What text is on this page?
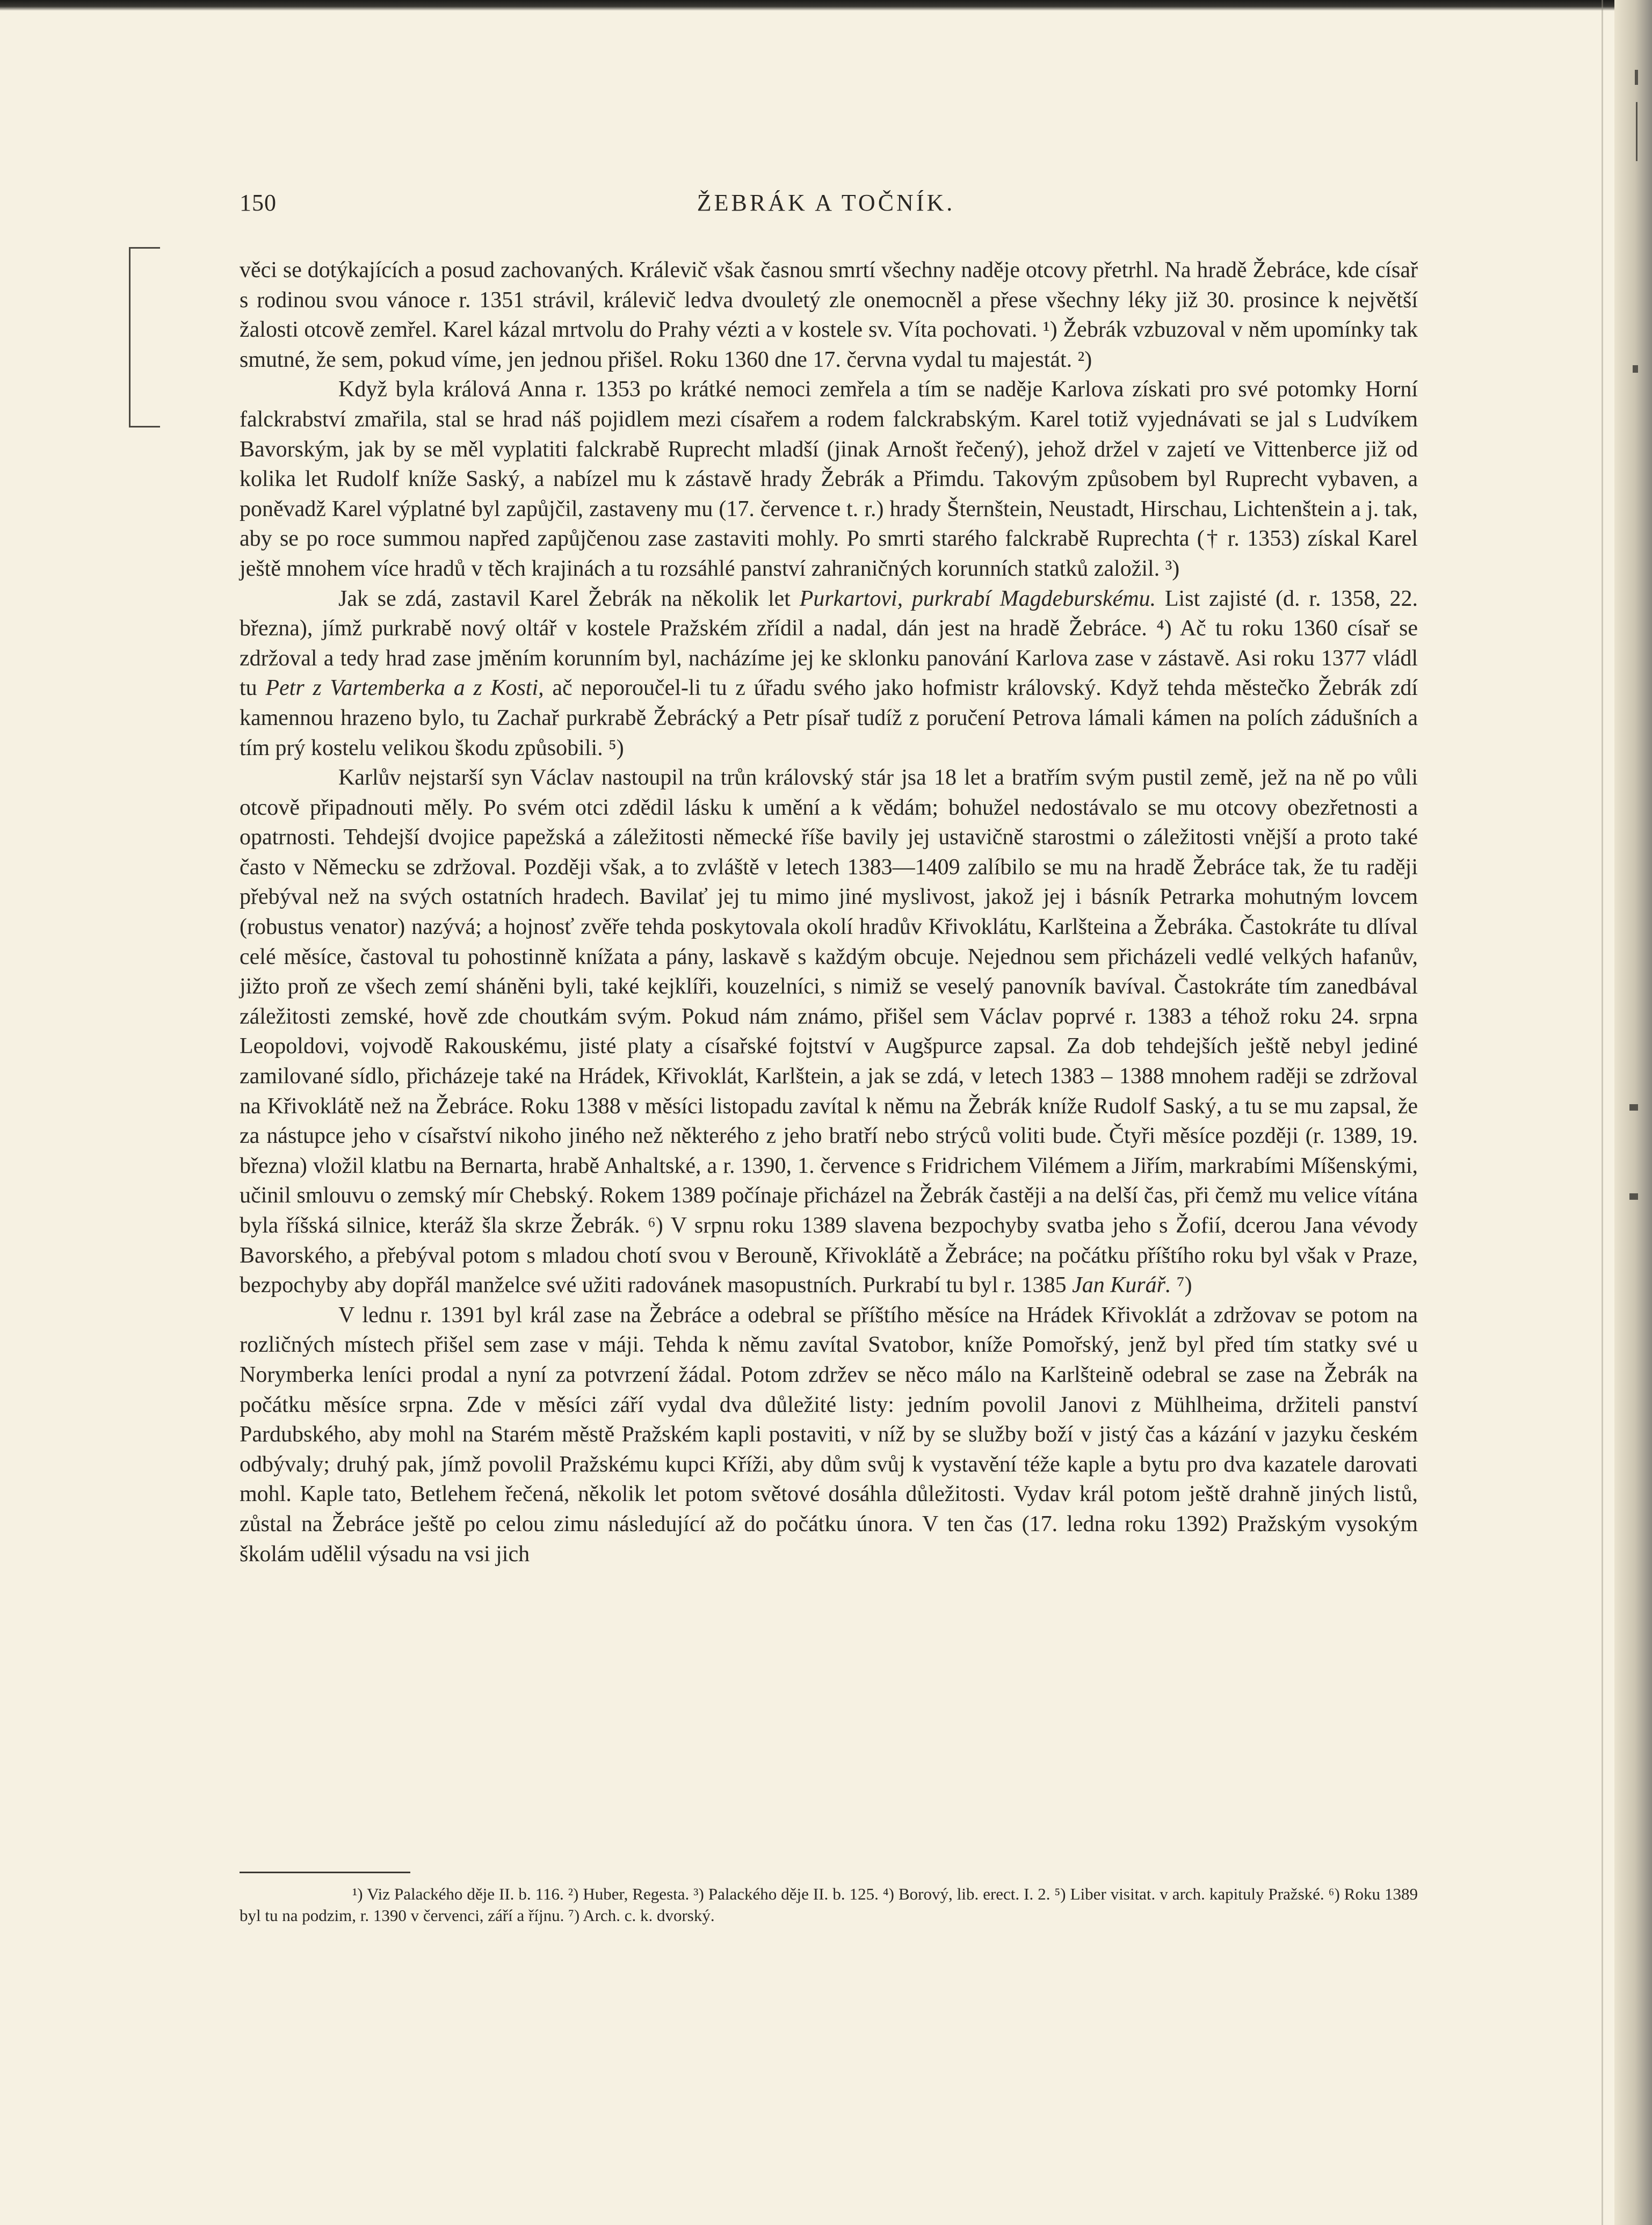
—
150	ŽEBRÁK A TOČNÍK.

věci se dotýkajících a posud zachovaných. Králevič však časnou smrtí všechny naděje otcovy přetrhl. Na hradě Žebráce, kde císař s rodinou svou vánoce r. 1351 strávil, králevič ledva dvouletý zle onemocněl a přese všechny léky již 30. prosince k největší žalosti otcově zemřel. Karel kázal mrtvolu do Prahy vézti a v kostele sv. Víta pochovati. ¹) Žebrák vzbuzoval v něm upomínky tak smutné, že sem, pokud víme, jen jednou přišel. Roku 1360 dne 17. června vydal tu majestát. ²)

Když byla králová Anna r. 1353 po krátké nemoci zemřela a tím se naděje Karlova získati pro své potomky Horní falckrabství zmařila, stal se hrad náš pojidlem mezi císařem a rodem falckrabským. Karel totiž vyjednávati se jal s Ludvíkem Bavorským, jak by se měl vyplatiti falckrabě Ruprecht mladší (jinak Arnošt řečený), jehož držel v zajetí ve Vittenberce již od kolika let Rudolf kníže Saský, a nabízel mu k zástavě hrady Žebrák a Přimdu. Takovým způsobem byl Ruprecht vybaven, a poněvadž Karel výplatné byl zapůjčil, zastaveny mu (17. července t. r.) hrady Šternštein, Neustadt, Hirschau, Lichtenštein a j. tak, aby se po roce summou napřed zapůjčenou zase zastaviti mohly. Po smrti starého falckrabě Ruprechta († r. 1353) získal Karel ještě mnohem více hradů v těch krajinách a tu rozsáhlé panství zahraničných korunních statků založil. ³)

Jak se zdá, zastavil Karel Žebrák na několik let Purkartovi, purkrabí Magdeburskému. List zajisté (d. r. 1358, 22. března), jímž purkrabě nový oltář v kostele Pražském zřídil a nadal, dán jest na hradě Žebráce. ⁴) Ač tu roku 1360 císař se zdržoval a tedy hrad zase jměním korunním byl, nacházíme jej ke sklonku panování Karlova zase v zástavě. Asi roku 1377 vládl tu Petr z Vartemberka a z Kosti, ač neporoučel-li tu z úřadu svého jako hofmistr královský. Když tehda městečko Žebrák zdí kamennou hrazeno bylo, tu Zachař purkrabě Žebrácký a Petr písař tudíž z poručení Petrova lámali kámen na polích zádušních a tím prý kostelu velikou škodu způsobili. ⁵)

Karlův nejstarší syn Václav nastoupil na trůn královský stár jsa 18 let a bratřím svým pustil země, jež na ně po vůli otcově připadnouti měly. Po svém otci zdědil lásku k umění a k vědám; bohužel nedostávalo se mu otcovy obezřetnosti a opatrnosti. Tehdejší dvojice papežská a záležitosti německé říše bavily jej ustavičně starostmi o záležitosti vnější a proto také často v Německu se zdržoval. Později však, a to zvláště v letech 1383—1409 zalíbilo se mu na hradě Žebráce tak, že tu raději přebýval než na svých ostatních hradech. Bavilať jej tu mimo jiné myslivost, jakož jej i básník Petrarka mohutným lovcem (robustus venator) nazývá; a hojnosť zvěře tehda poskytovala okolí hradův Křivoklátu, Karlšteina a Žebráka. Častokráte tu dlíval celé měsíce, častoval tu pohostinně knížata a pány, laskavě s každým obcuje. Nejednou sem přicházeli vedlé velkých hafanův, jižto proň ze všech zemí sháněni byli, také kejklíři, kouzelníci, s nimiž se veselý panovník bavíval. Častokráte tím zanedbával záležitosti zemské, hově zde choutkám svým. Pokud nám známo, přišel sem Václav poprvé r. 1383 a téhož roku 24. srpna Leopoldovi, vojvodě Rakouskému, jisté platy a císařské fojtství v Augšpurce zapsal. Za dob tehdejších ještě nebyl jediné zamilované sídlo, přicházeje také na Hrádek, Křivoklát, Karlštein, a jak se zdá, v letech 1383 – 1388 mnohem raději se zdržoval na Křivoklátě než na Žebráce. Roku 1388 v měsíci listopadu zavítal k němu na Žebrák kníže Rudolf Saský, a tu se mu zapsal, že za nástupce jeho v císařství nikoho jiného než některého z jeho bratří nebo strýců voliti bude. Čtyři měsíce později (r. 1389, 19. března) vložil klatbu na Bernarta, hrabě Anhaltské, a r. 1390, 1. července s Fridrichem Vilémem a Jiřím, markrabími Míšenskými, učinil smlouvu o zemský mír Chebský. Rokem 1389 počínaje přicházel na Žebrák častěji a na delší čas, při čemž mu velice vítána byla říšská silnice, kteráž šla skrze Žebrák. ⁶) V srpnu roku 1389 slavena bezpochyby svatba jeho s Žofií, dcerou Jana vévody Bavorského, a přebýval potom s mladou chotí svou v Berouně, Křivoklátě a Žebráce; na počátku příštího roku byl však v Praze, bezpochyby aby dopřál manželce své užiti radovánek masopustních. Purkrabí tu byl r. 1385 Jan Kurář. ⁷)

V lednu r. 1391 byl král zase na Žebráce a odebral se příštího měsíce na Hrádek Křivoklát a zdržovav se potom na rozličných místech přišel sem zase v máji. Tehda k němu zavítal Svatobor, kníže Pomořský, jenž byl před tím statky své u Norymberka leníci prodal a nyní za potvrzení žádal. Potom zdržev se něco málo na Karlšteině odebral se zase na Žebrák na počátku měsíce srpna. Zde v měsíci září vydal dva důležité listy: jedním povolil Janovi z Mühlheima, držiteli panství Pardubského, aby mohl na Starém městě Pražském kapli postaviti, v níž by se služby boží v jistý čas a kázání v jazyku českém odbývaly; druhý pak, jímž povolil Pražskému kupci Kříži, aby dům svůj k vystavění téže kaple a bytu pro dva kazatele darovati mohl. Kaple tato, Betlehem řečená, několik let potom světové dosáhla důležitosti. Vydav král potom ještě drahně jiných listů, zůstal na Žebráce ještě po celou zimu následující až do počátku února. V ten čas (17. ledna roku 1392) Pražským vysokým školám udělil výsadu na vsi jich

¹) Viz Palackého děje II. b. 116. ²) Huber, Regesta. ³) Palackého děje II. b. 125. ⁴) Borový, lib. erect. I. 2. ⁵) Liber visitat. v arch. kapituly Pražské. ⁶) Roku 1389 byl tu na podzim, r. 1390 v červenci, září a říjnu. ⁷) Arch. c. k. dvorský.
